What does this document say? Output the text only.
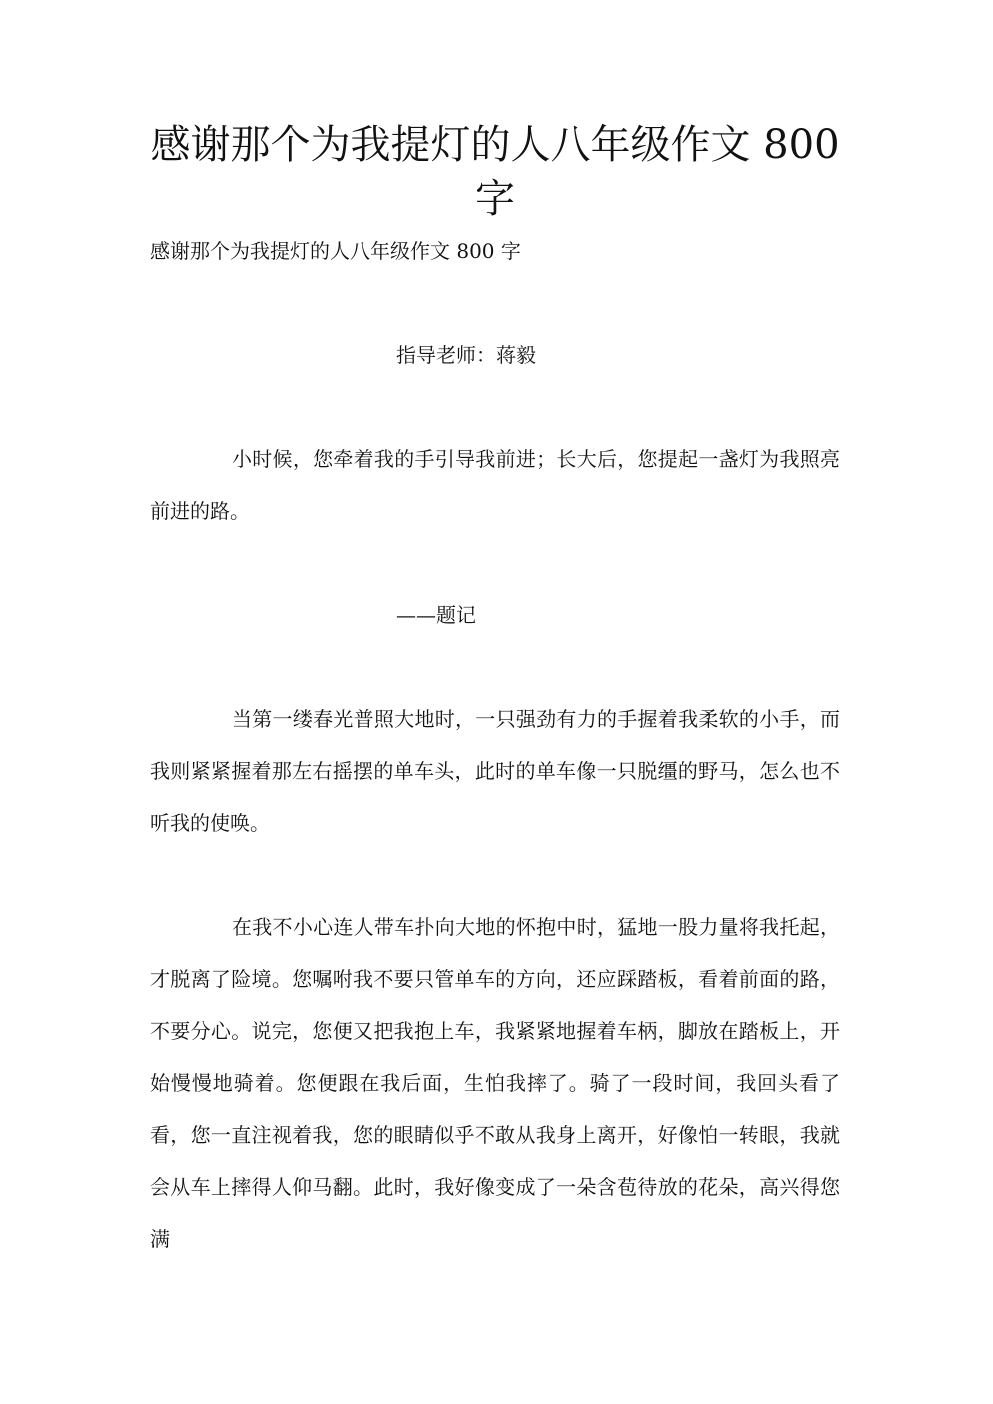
感谢那个为我提灯的人八年级作文 800 字
感谢那个为我提灯的人八年级作文 800 字
指导老师：蒋毅

小时候，您牵着我的手引导我前进；长大后，您提起一盏灯为我照亮前进的路。

——题记

当第一缕春光普照大地时，一只强劲有力的手握着我柔软的小手，而我则紧紧握着那左右摇摆的单车头，此时的单车像一只脱缰的野马，怎么也不听我的使唤。

在我不小心连人带车扑向大地的怀抱中时，猛地一股力量将我托起，才脱离了险境。您嘱咐我不要只管单车的方向，还应踩踏板，看着前面的路，不要分心。说完，您便又把我抱上车，我紧紧地握着车柄，脚放在踏板上，开始慢慢地骑着。您便跟在我后面，生怕我摔了。骑了一段时间，我回头看了看，您一直注视着我，您的眼睛似乎不敢从我身上离开，好像怕一转眼，我就会从车上摔得人仰马翻。此时，我好像变成了一朵含苞待放的花朵，高兴得您满
